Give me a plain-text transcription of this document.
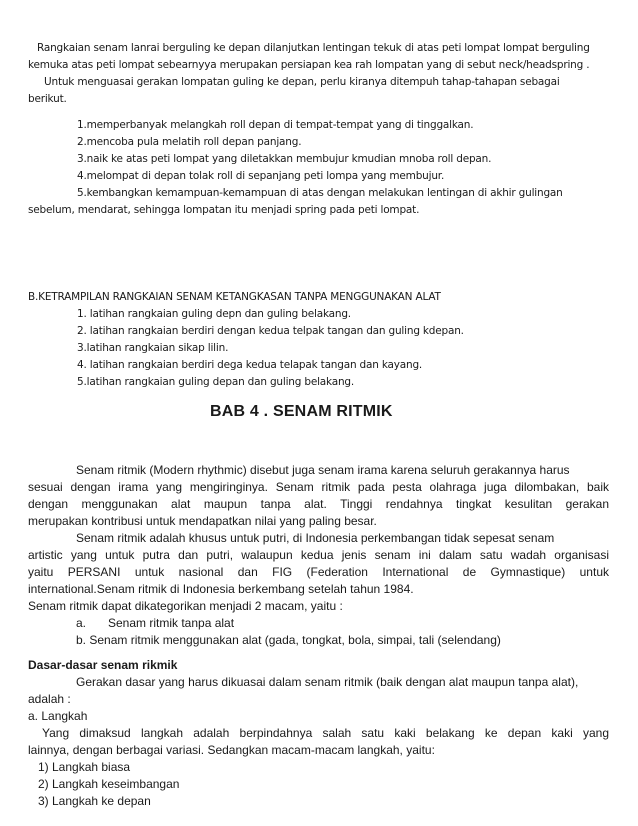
Rangkaian senam lanrai berguling ke depan dilanjutkan lentingan tekuk di atas peti lompat lompat berguling
kemuka atas peti lompat sebearnyya merupakan persiapan kea rah lompatan yang di sebut neck/headspring .
Untuk menguasai gerakan lompatan guling ke depan, perlu kiranya ditempuh tahap-tahapan sebagai
berikut.
1.memperbanyak melangkah roll depan di tempat-tempat yang di tinggalkan.
2.mencoba pula melatih roll depan panjang.
3.naik ke atas peti lompat yang diletakkan membujur kmudian mnoba roll depan.
4.melompat di depan tolak roll di sepanjang peti lompa yang membujur.
5.kembangkan kemampuan-kemampuan di atas dengan melakukan lentingan di akhir gulingan
sebelum, mendarat, sehingga lompatan itu menjadi spring pada peti lompat.
B.KETRAMPILAN RANGKAIAN SENAM KETANGKASAN TANPA MENGGUNAKAN ALAT
1. latihan rangkaian guling depn dan guling belakang.
2. latihan rangkaian berdiri dengan kedua telpak tangan dan guling kdepan.
3.latihan rangkaian sikap lilin.
4. latihan rangkaian berdiri dega kedua telapak tangan dan kayang.
5.latihan rangkaian guling depan dan guling belakang.
BAB 4 . SENAM RITMIK
Senam ritmik (Modern rhythmic) disebut juga senam irama karena seluruh gerakannya harus
sesuai dengan irama yang mengiringinya. Senam ritmik pada pesta olahraga juga dilombakan, baik
dengan menggunakan alat maupun tanpa alat. Tinggi rendahnya tingkat kesulitan gerakan
merupakan kontribusi untuk mendapatkan nilai yang paling besar.
Senam ritmik adalah khusus untuk putri, di Indonesia perkembangan tidak sepesat senam
artistic yang untuk putra dan putri, walaupun kedua jenis senam ini dalam satu wadah organisasi
yaitu PERSANI untuk nasional dan FIG (Federation International de Gymnastique) untuk
international.Senam ritmik di Indonesia berkembang setelah tahun 1984.
Senam ritmik dapat dikategorikan menjadi 2 macam, yaitu :
a. Senam ritmik tanpa alat
b. Senam ritmik menggunakan alat (gada, tongkat, bola, simpai, tali (selendang)
Dasar-dasar senam rikmik
Gerakan dasar yang harus dikuasai dalam senam ritmik (baik dengan alat maupun tanpa alat),
adalah :
a. Langkah
Yang dimaksud langkah adalah berpindahnya salah satu kaki belakang ke depan kaki yang
lainnya, dengan berbagai variasi. Sedangkan macam-macam langkah, yaitu:
1) Langkah biasa
2) Langkah keseimbangan
3) Langkah ke depan
